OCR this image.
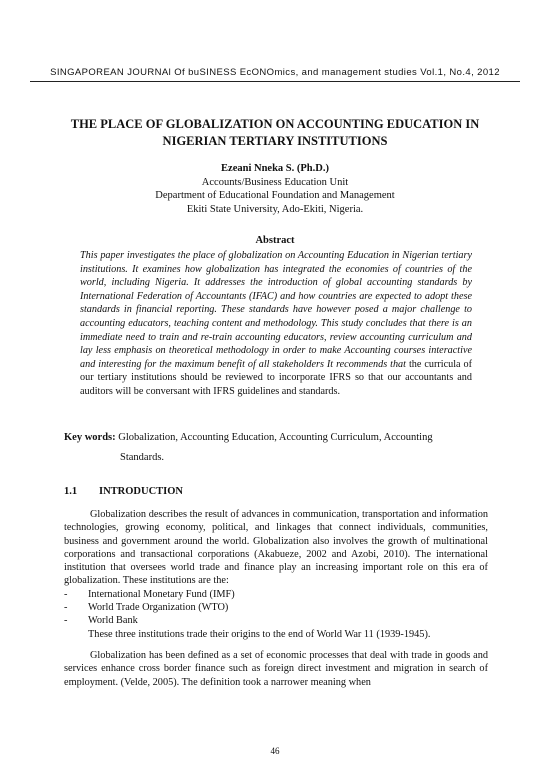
SINGAPOREAN JOURNAl Of buSINESS EcONOmics, and management studies Vol.1, No.4, 2012
THE PLACE OF GLOBALIZATION ON ACCOUNTING EDUCATION IN
NIGERIAN TERTIARY INSTITUTIONS
Ezeani Nneka S. (Ph.D.)
Accounts/Business Education Unit
Department of Educational Foundation and Management
Ekiti State University, Ado-Ekiti, Nigeria.
Abstract
This paper investigates the place of globalization on Accounting Education in Nigerian tertiary institutions. It examines how globalization has integrated the economies of countries of the world, including Nigeria. It addresses the introduction of global accounting standards by International Federation of Accountants (IFAC) and how countries are expected to adopt these standards in financial reporting. These standards have however posed a major challenge to accounting educators, teaching content and methodology. This study concludes that there is an immediate need to train and re-train accounting educators, review accounting curriculum and lay less emphasis on theoretical methodology in order to make Accounting courses interactive and interesting for the maximum benefit of all stakeholders It recommends that the curricula of our tertiary institutions should be reviewed to incorporate IFRS so that our accountants and auditors will be conversant with IFRS guidelines and standards.
Key words: Globalization, Accounting Education, Accounting Curriculum, Accounting
Standards.
1.1 INTRODUCTION

Globalization describes the result of advances in communication, transportation and information technologies, growing economy, political, and linkages that connect individuals, communities, business and government around the world. Globalization also involves the growth of multinational corporations and transactional corporations (Akabueze, 2002 and Azobi, 2010). The international institution that oversees world trade and finance play an increasing important role on this era of globalization. These institutions are the:

- International Monetary Fund (IMF)
- World Trade Organization (WTO)
- World Bank
These three institutions trade their origins to the end of World War 11 (1939-1945).

Globalization has been defined as a set of economic processes that deal with trade in goods and services enhance cross border finance such as foreign direct investment and migration in search of employment. (Velde, 2005). The definition took a narrower meaning when

46
